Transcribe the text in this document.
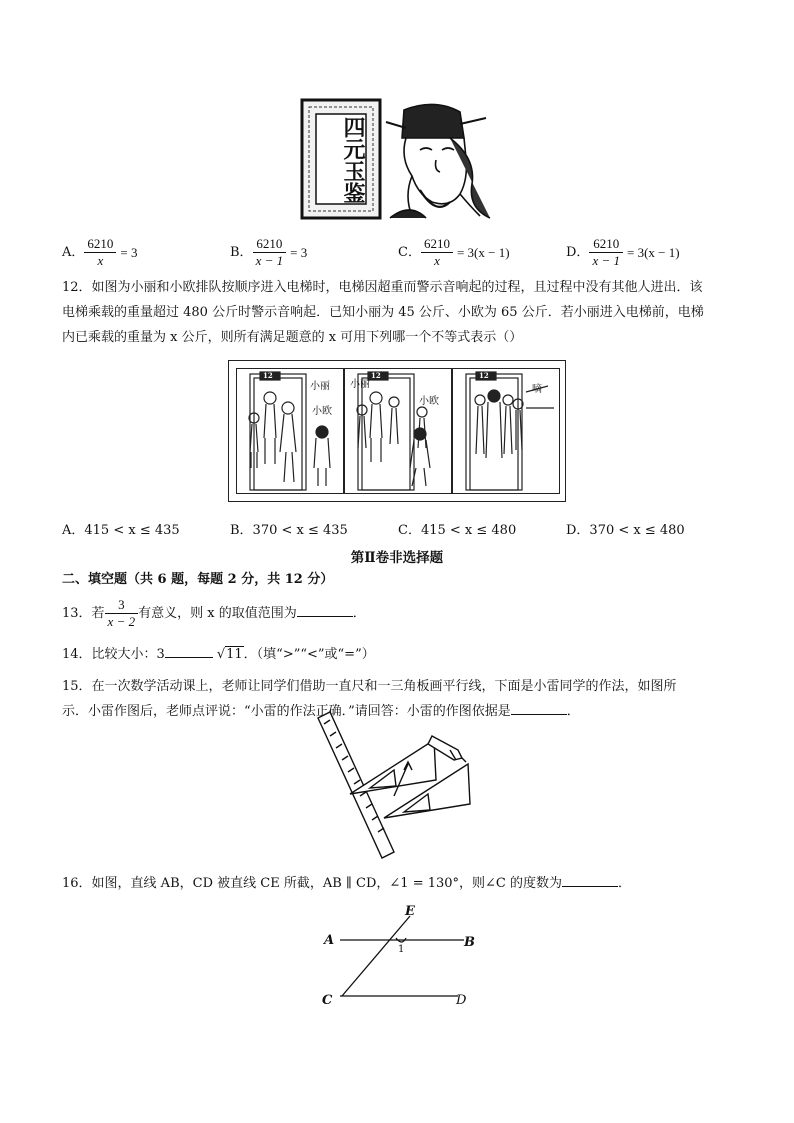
四元玉鉴
A． $\frac{6210}{x} = 3$	B． $\frac{6210}{x - 1} = 3$	C． $\frac{6210}{x} = 3(x - 1)$	D． $\frac{6210}{x - 1} = 3(x - 1)$
12．如图为小丽和小欧排队按顺序进入电梯时，电梯因超重而警示音响起的过程，且过程中没有其他人进出．该
电梯乘载的重量超过 480 公斤时警示音响起．已知小丽为 45 公斤、小欧为 65 公斤．若小丽进入电梯前，电梯
内已乘载的重量为 x 公斤，则所有满足题意的 x 可用下列哪一个不等式表示（）
12	12	12
小丽
小欧
小丽
小欧
嘀
A．415 < x ≤ 435	B．370 < x ≤ 435	C．415 < x ≤ 480	D．370 < x ≤ 480
第Ⅱ卷非选择题
二、填空题（共 6 题，每题 2 分，共 12 分）
13．若 $\frac{3}{x - 2}$ 有意义，则 x 的取值范围为	．
14．比较大小：3	√11．（填“>”“<”或“=”）
15．在一次数学活动课上，老师让同学们借助一直尺和一三角板画平行线，下面是小雷同学的作法，如图所
示．小雷作图后，老师点评说：“小雷的作法正确．”请回答：小雷的作图依据是	．
16．如图，直线 AB，CD 被直线 CE 所截，AB ∥ CD，∠1 = 130°，则∠C 的度数为	．
E
A	B
1
C	D
